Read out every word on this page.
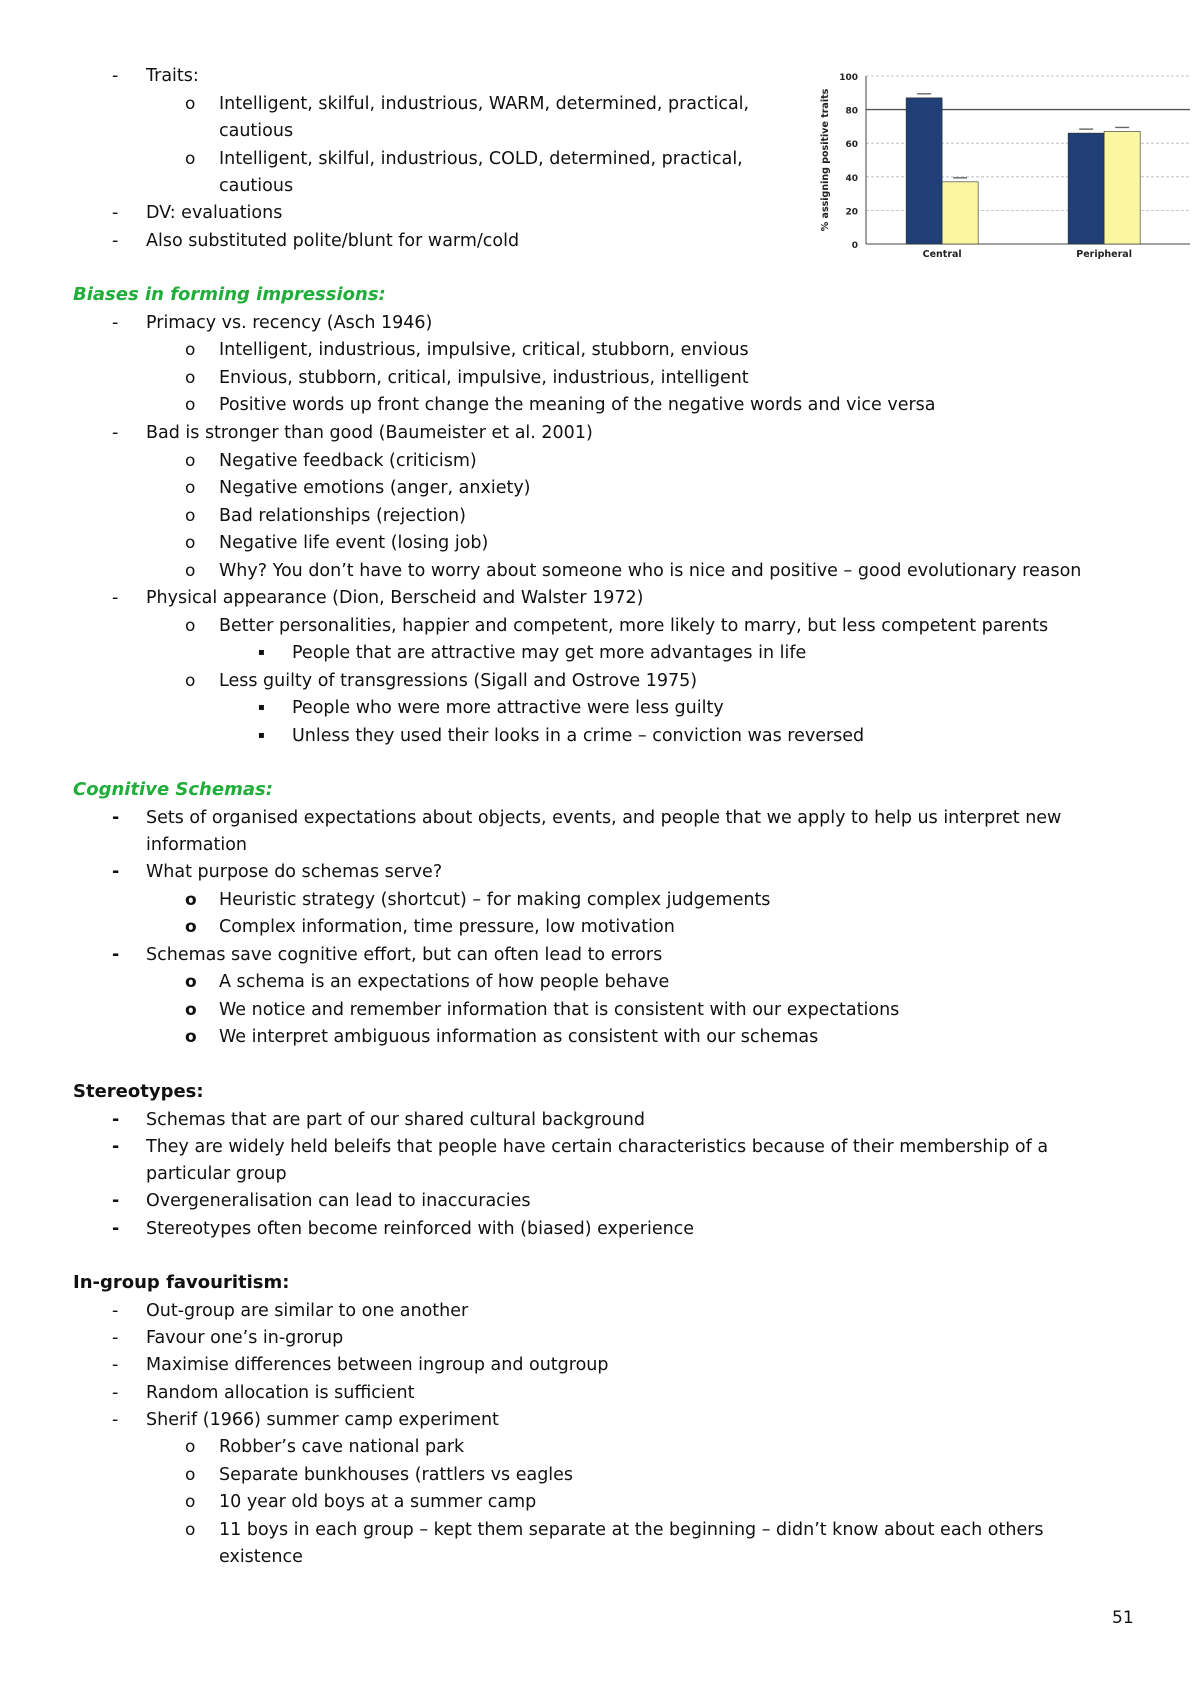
- Traits:
o Intelligent, skilful, industrious, WARM, determined, practical,
cautious
o Intelligent, skilful, industrious, COLD, determined, practical,
cautious
- DV: evaluations
- Also substituted polite/blunt for warm/cold
Biases in forming impressions:
- Primacy vs. recency (Asch 1946)
o Intelligent, industrious, impulsive, critical, stubborn, envious
o Envious, stubborn, critical, impulsive, industrious, intelligent
o Positive words up front change the meaning of the negative words and vice versa
- Bad is stronger than good (Baumeister et al. 2001)
o Negative feedback (criticism)
o Negative emotions (anger, anxiety)
o Bad relationships (rejection)
o Negative life event (losing job)
o Why? You don’t have to worry about someone who is nice and positive – good evolutionary reason
- Physical appearance (Dion, Berscheid and Walster 1972)
o Better personalities, happier and competent, more likely to marry, but less competent parents
▪ People that are attractive may get more advantages in life
o Less guilty of transgressions (Sigall and Ostrove 1975)
▪ People who were more attractive were less guilty
▪ Unless they used their looks in a crime – conviction was reversed
Cognitive Schemas:
- Sets of organised expectations about objects, events, and people that we apply to help us interpret new
information
- What purpose do schemas serve?
o Heuristic strategy (shortcut) – for making complex judgements
o Complex information, time pressure, low motivation
- Schemas save cognitive effort, but can often lead to errors
o A schema is an expectations of how people behave
o We notice and remember information that is consistent with our expectations
o We interpret ambiguous information as consistent with our schemas
Stereotypes:
- Schemas that are part of our shared cultural background
- They are widely held beleifs that people have certain characteristics because of their membership of a
particular group
- Overgeneralisation can lead to inaccuracies
- Stereotypes often become reinforced with (biased) experience
In-group favouritism:
- Out-group are similar to one another
- Favour one’s in-grorup
- Maximise differences between ingroup and outgroup
- Random allocation is sufficient
- Sherif (1966) summer camp experiment
o Robber’s cave national park
o Separate bunkhouses (rattlers vs eagles
o 10 year old boys at a summer camp
o 11 boys in each group – kept them separate at the beginning – didn’t know about each others
existence
0
20
40
60
80
100
% assigning positive traits
Central	Peripheral
51
